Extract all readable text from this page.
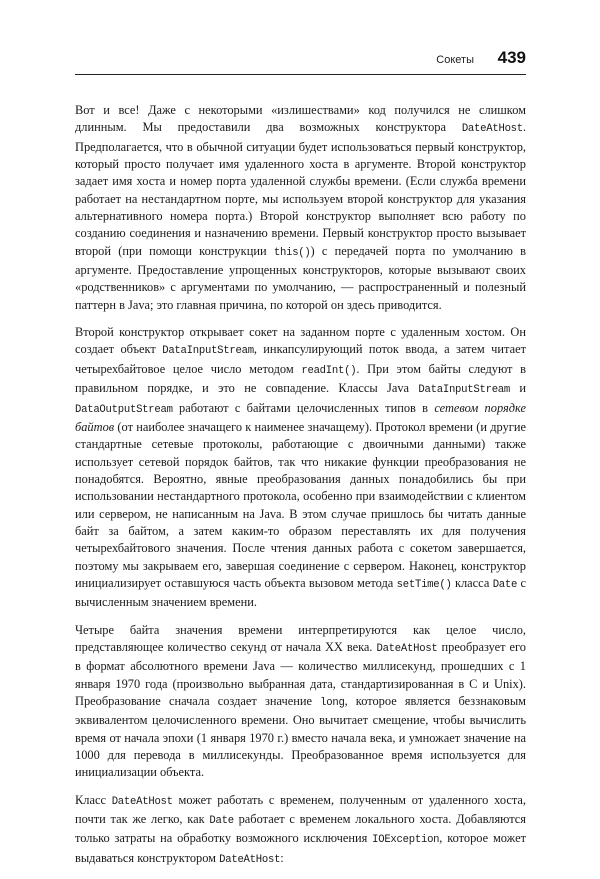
Сокеты 439

Вот и все! Даже с некоторыми «излишествами» код получился не слишком длинным. Мы предоставили два возможных конструктора DateAtHost. Предполагается, что в обычной ситуации будет использоваться первый конструктор, который просто получает имя удаленного хоста в аргументе. Второй конструктор задает имя хоста и номер порта удаленной службы времени. (Если служба времени работает на нестандартном порте, мы используем второй конструктор для указания альтернативного номера порта.) Второй конструктор выполняет всю работу по созданию соединения и назначению времени. Первый конструктор просто вызывает второй (при помощи конструкции this()) с передачей порта по умолчанию в аргументе. Предоставление упрощенных конструкторов, которые вызывают своих «родственников» с аргументами по умолчанию, — распространенный и полезный паттерн в Java; это главная причина, по которой он здесь приводится.

Второй конструктор открывает сокет на заданном порте с удаленным хостом. Он создает объект DataInputStream, инкапсулирующий поток ввода, а затем читает четырехбайтовое целое число методом readInt(). При этом байты следуют в правильном порядке, и это не совпадение. Классы Java DataInputStream и DataOutputStream работают с байтами целочисленных типов в сетевом порядке байтов (от наиболее значащего к наименее значащему). Протокол времени (и другие стандартные сетевые протоколы, работающие с двоичными данными) также использует сетевой порядок байтов, так что никакие функции преобразования не понадобятся. Вероятно, явные преобразования данных понадобились бы при использовании нестандартного протокола, особенно при взаимодействии с клиентом или сервером, не написанным на Java. В этом случае пришлось бы читать данные байт за байтом, а затем каким-то образом переставлять их для получения четырехбайтового значения. После чтения данных работа с сокетом завершается, поэтому мы закрываем его, завершая соединение с сервером. Наконец, конструктор инициализирует оставшуюся часть объекта вызовом метода setTime() класса Date с вычисленным значением времени.

Четыре байта значения времени интерпретируются как целое число, представляющее количество секунд от начала XX века. DateAtHost преобразует его в формат абсолютного времени Java — количество миллисекунд, прошедших с 1 января 1970 года (произвольно выбранная дата, стандартизированная в C и Unix). Преобразование сначала создает значение long, которое является беззнаковым эквивалентом целочисленного времени. Оно вычитает смещение, чтобы вычислить время от начала эпохи (1 января 1970 г.) вместо начала века, и умножает значение на 1000 для перевода в миллисекунды. Преобразованное время используется для инициализации объекта.

Класс DateAtHost может работать с временем, полученным от удаленного хоста, почти так же легко, как Date работает с временем локального хоста. Добавляются только затраты на обработку возможного исключения IOException, которое может выдаваться конструктором DateAtHost:
